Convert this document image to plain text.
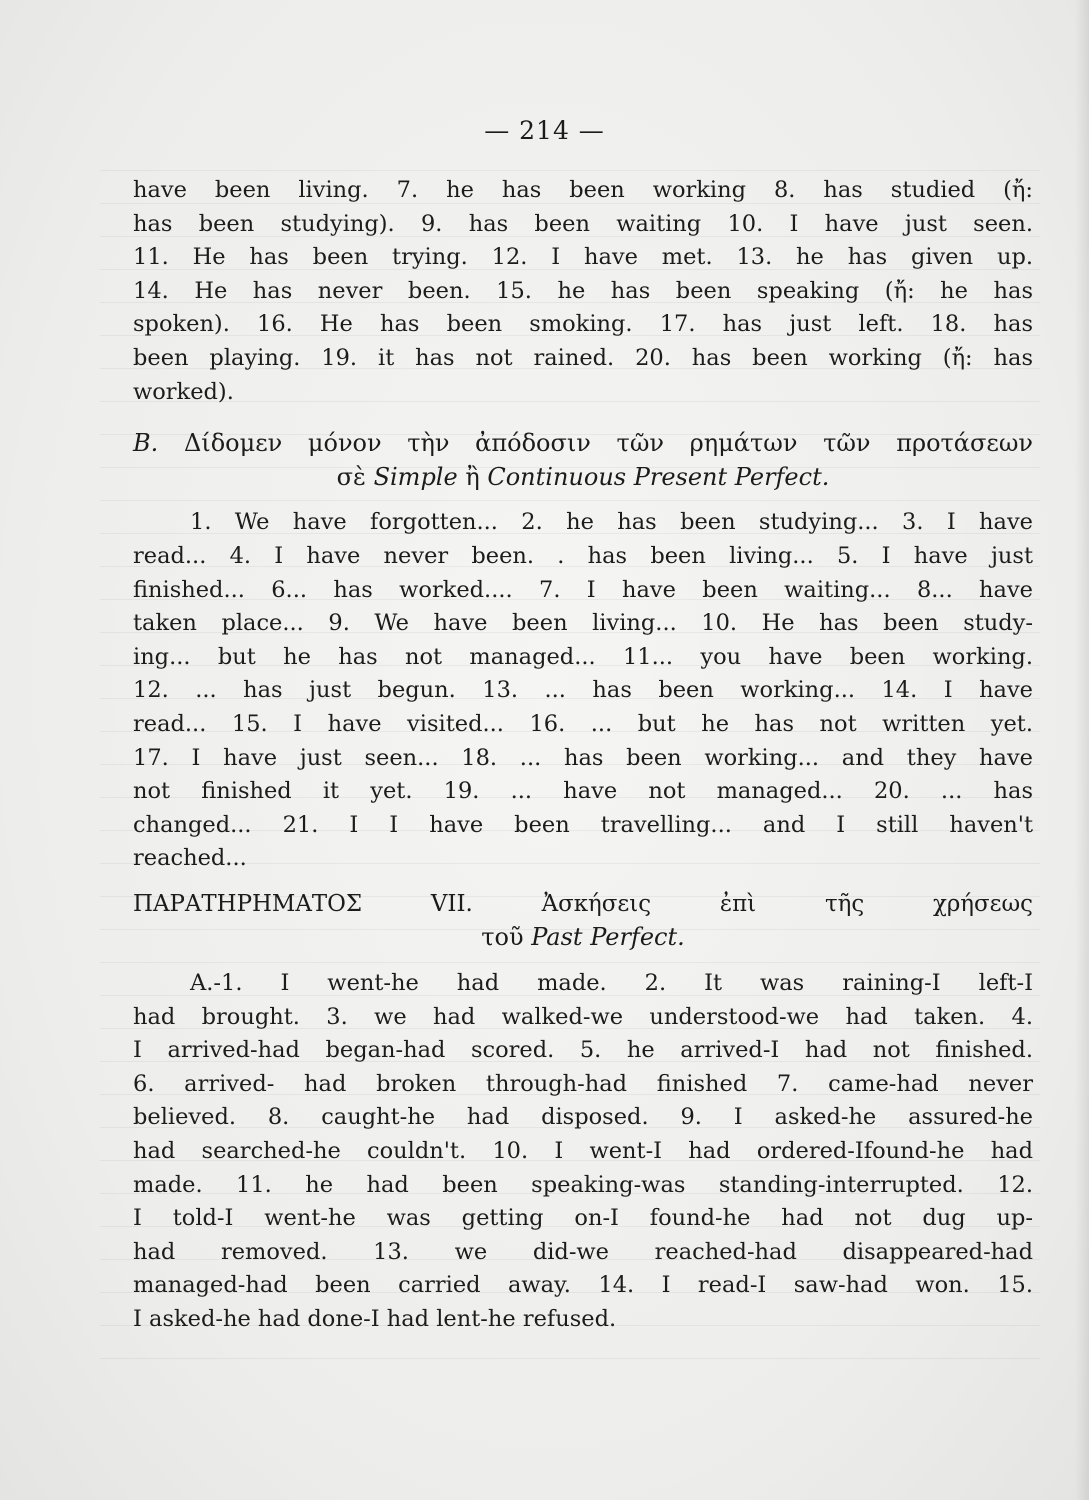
— 214 —
have been living. 7. he has been working 8. has studied (ἤ:
has been studying). 9. has been waiting 10. I have just seen.
11. He has been trying. 12. I have met. 13. he has given up.
14. He has never been. 15. he has been speaking (ἤ: he has
spoken). 16. He has been smoking. 17. has just left. 18. has
been playing. 19. it has not rained. 20. has been working (ἤ: has
worked).
B. Δίδομεν μόνον τὴν ἀπόδοσιν τῶν ρημάτων τῶν προτάσεων
σὲ Simple ἢ Continuous Present Perfect.
1. We have forgotten... 2. he has been studying... 3. I have
read... 4. I have never been. . has been living... 5. I have just
finished... 6... has worked.... 7. I have been waiting... 8... have
taken place... 9. We have been living... 10. He has been study-
ing... but he has not managed... 11... you have been working.
12. ... has just begun. 13. ... has been working... 14. I have
read... 15. I have visited... 16. ... but he has not written yet.
17. I have just seen... 18. ... has been working... and they have
not finished it yet. 19. ... have not managed... 20. ... has
changed... 21. I I have been travelling... and I still haven't
reached...
ΠΑΡΑΤΗΡΗΜΑΤΟΣ	VII.	Ἀσκήσεις	ἐπὶ	τῆς	χρήσεως
τοῦ Past Perfect.
A.-1. I went-he had made. 2. It was raining-I left-I
had brought. 3. we had walked-we understood-we had taken. 4.
I arrived-had began-had scored. 5. he arrived-I had not finished.
6. arrived- had broken through-had finished 7. came-had never
believed. 8. caught-he had disposed. 9. I asked-he assured-he
had searched-he couldn't. 10. I went-I had ordered-Ifound-he had
made. 11. he had been speaking-was standing-interrupted. 12.
I told-I went-he was getting on-I found-he had not dug up-
had removed. 13. we did-we reached-had disappeared-had
managed-had been carried away. 14. I read-I saw-had won. 15.
I asked-he had done-I had lent-he refused.
